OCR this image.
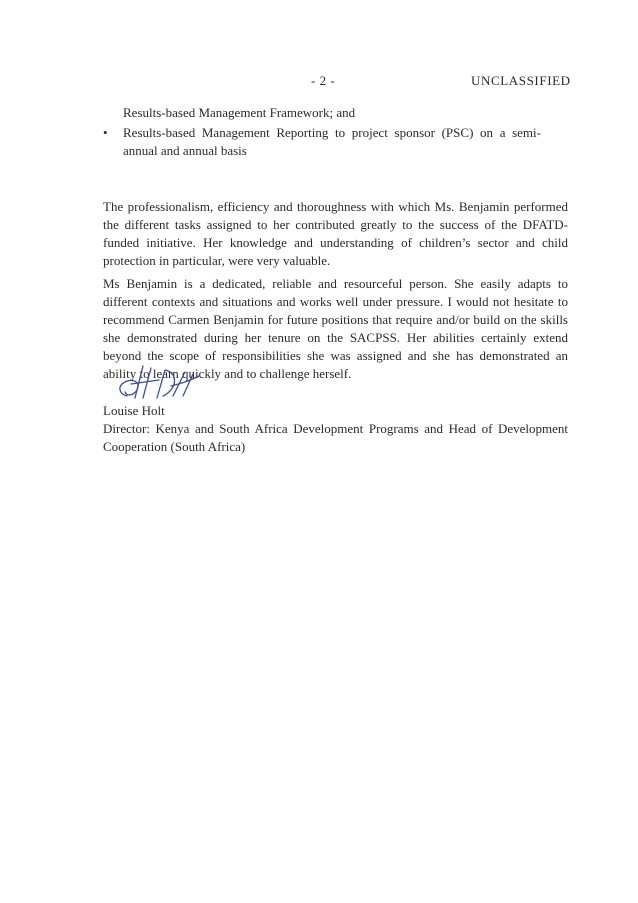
- 2 -	UNCLASSIFIED
Results-based Management Framework; and
•	Results-based Management Reporting to project sponsor (PSC) on a semi-annual and annual basis

The professionalism, efficiency and thoroughness with which Ms. Benjamin performed the different tasks assigned to her contributed greatly to the success of the DFATD-funded initiative. Her knowledge and understanding of children’s sector and child protection in particular, were very valuable.

Ms Benjamin is a dedicated, reliable and resourceful person. She easily adapts to different contexts and situations and works well under pressure. I would not hesitate to recommend Carmen Benjamin for future positions that require and/or build on the skills she demonstrated during her tenure on the SACPSS. Her abilities certainly extend beyond the scope of responsibilities she was assigned and she has demonstrated an ability to learn quickly and to challenge herself.

Louise Holt
Director: Kenya and South Africa Development Programs and Head of Development Cooperation (South Africa)
